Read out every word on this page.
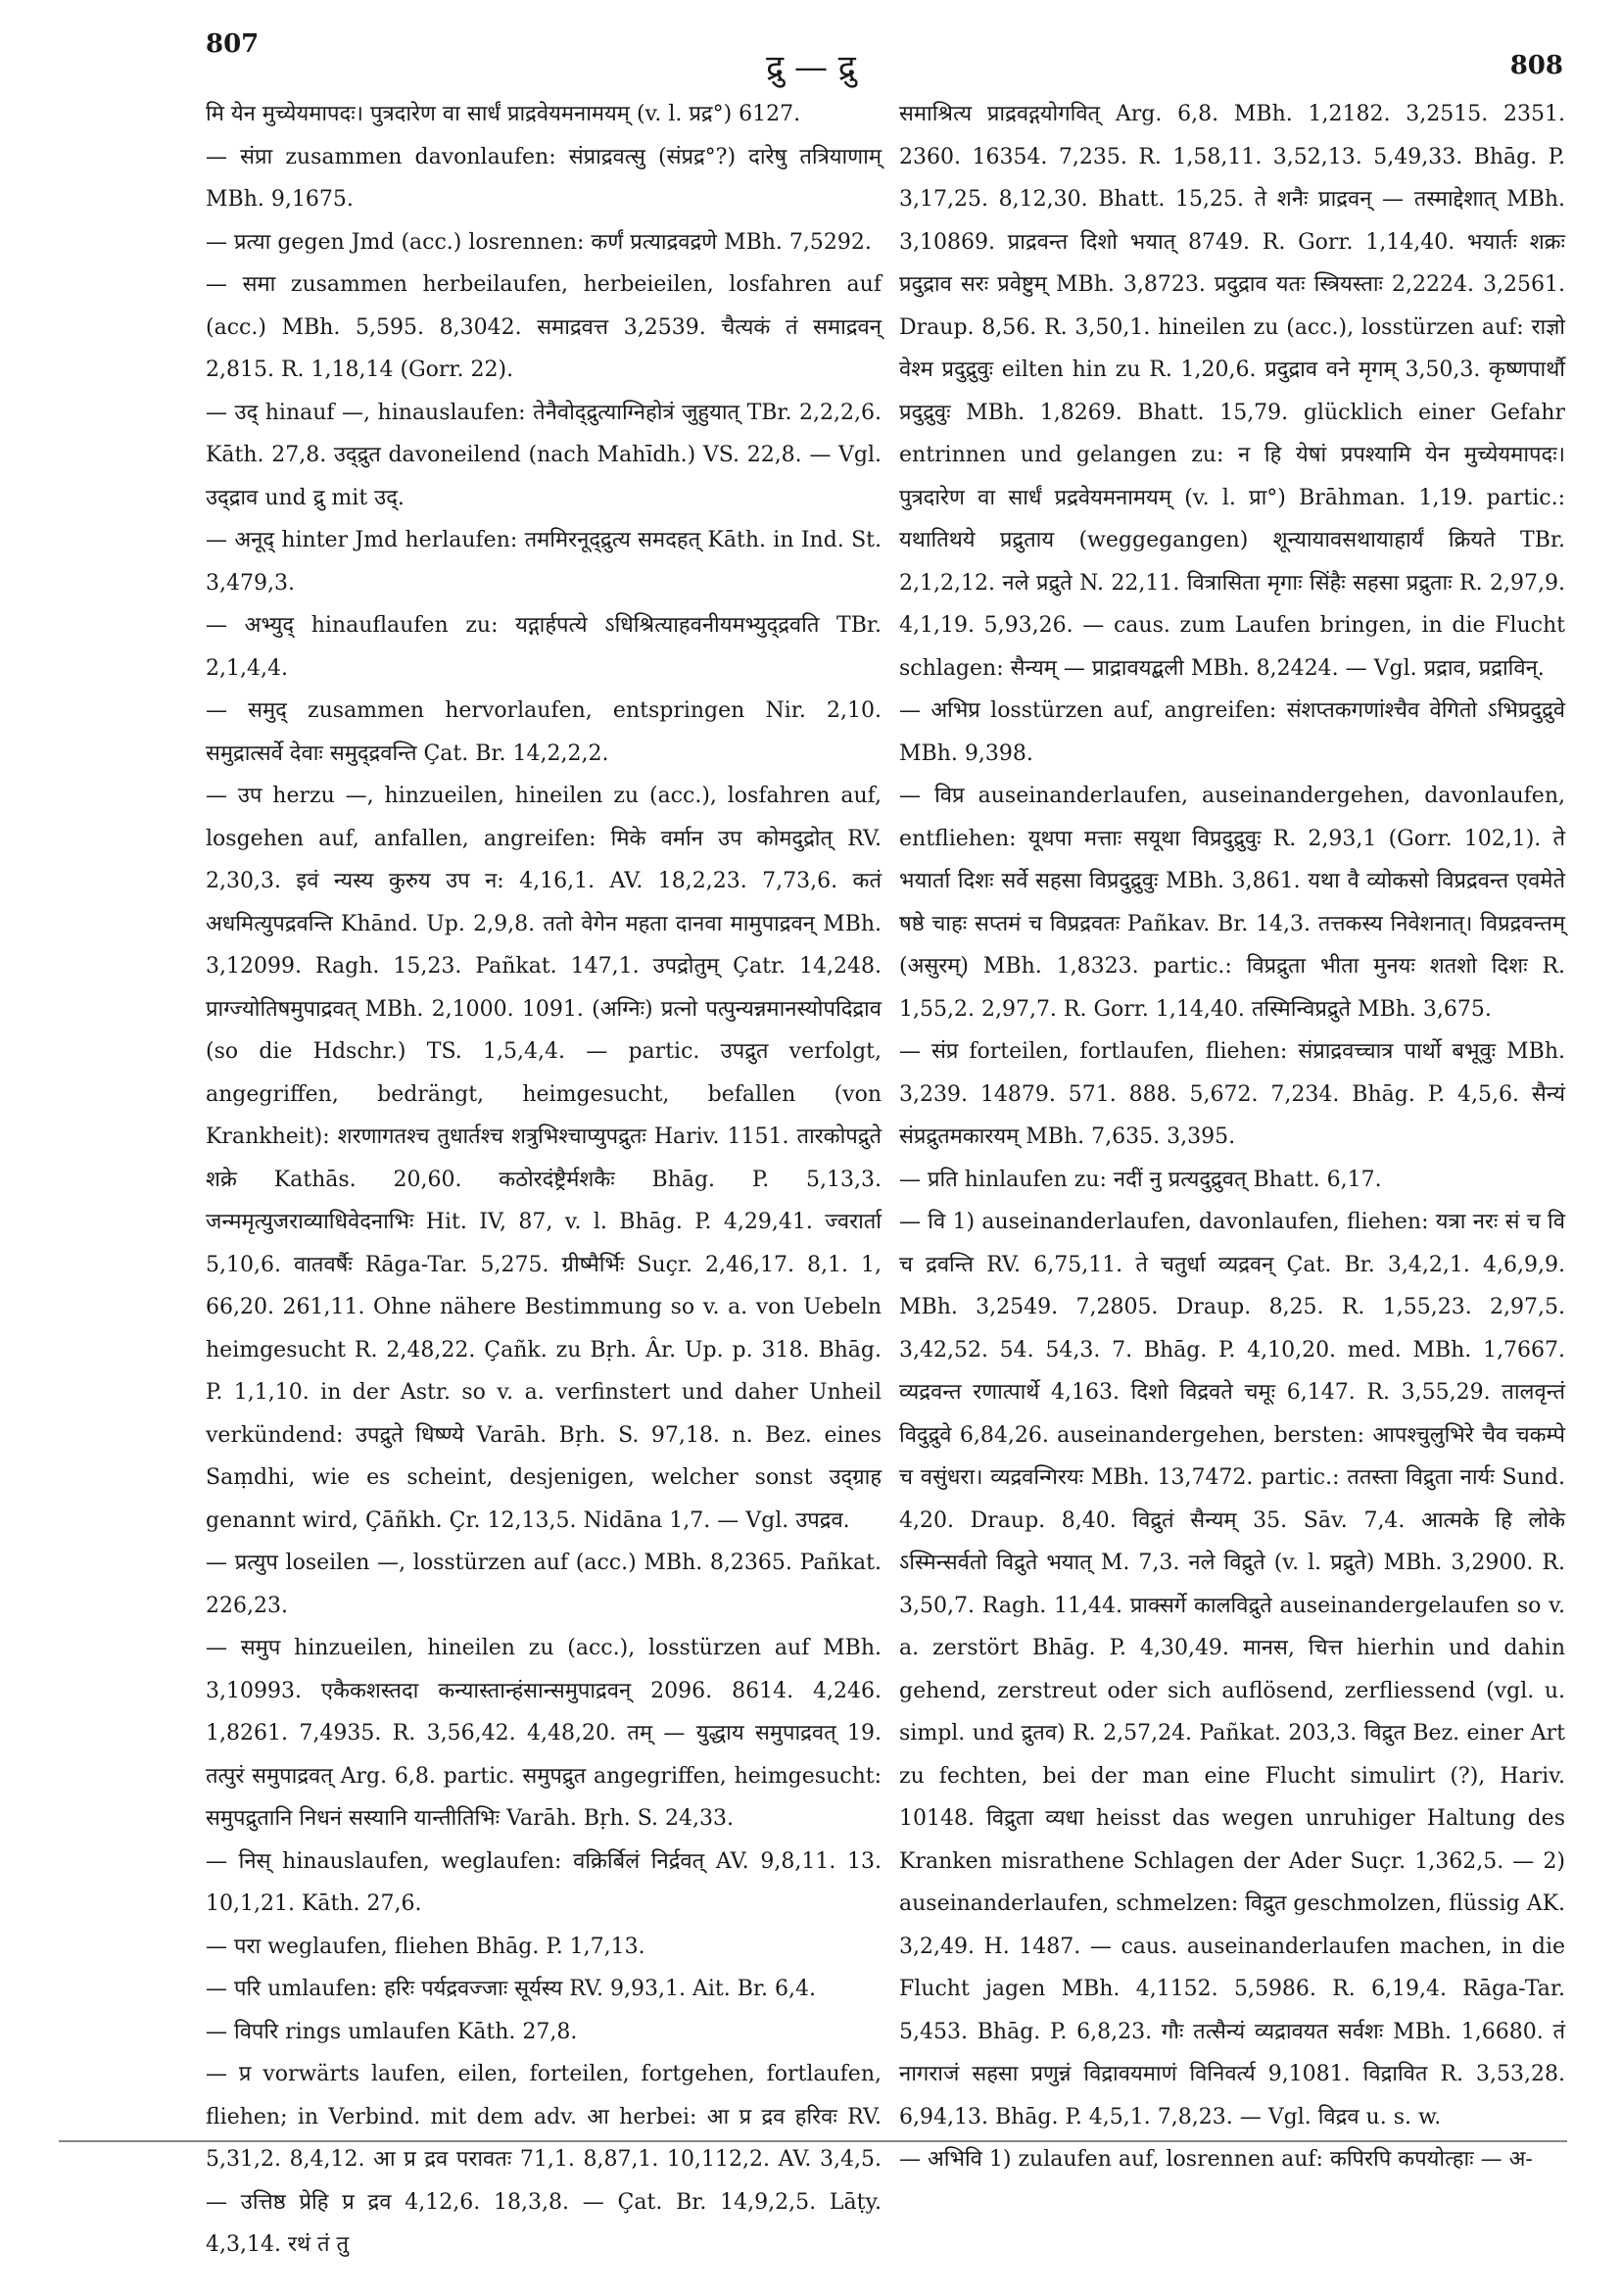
807
द्रु — द्रु	808

मि येन मुच्येयमापदः। पुत्रदारेण वा सार्धं प्राद्रवेयमनामयम् (v. l. प्रद्र°) 6127.

— संप्रा zusammen davonlaufen: संप्राद्रवत्सु (संप्रद्र°?) दारेषु तत्रियाणाम् MBh. 9,1675.

— प्रत्या gegen Jmd (acc.) losrennen: कर्णं प्रत्याद्रवद्रणे MBh. 7,5292.

— समा zusammen herbeilaufen, herbeieilen, losfahren auf (acc.) MBh. 5,595. 8,3042. समाद्रवत्त 3,2539. चैत्यकं तं समाद्रवन् 2,815. R. 1,18,14 (Gorr. 22).

— उद् hinauf —, hinauslaufen: तेनैवोद्द्रुत्याग्निहोत्रं जुहुयात् TBr. 2,2,2,6. Kāth. 27,8. उद्द्रुत davoneilend (nach Mahīdh.) VS. 22,8. — Vgl. उद्द्राव und द्रु mit उद्.

— अनूद् hinter Jmd herlaufen: तममिरनूद्द्रुत्य समदहत् Kāth. in Ind. St. 3,479,3.

— अभ्युद् hinauflaufen zu: यद्गार्हपत्ये ऽधिश्रित्याहवनीयमभ्युद्द्रवति TBr. 2,1,4,4.

— समुद् zusammen hervorlaufen, entspringen Nir. 2,10. समुद्रात्सर्वे देवाः समुद्द्रवन्ति Çat. Br. 14,2,2,2.

— उप herzu —, hinzueilen, hineilen zu (acc.), losfahren auf, losgehen auf, anfallen, angreifen: मिके वर्मान उप कोमदुद्रोत् RV. 2,30,3. इवं न्यस्य कुरुय उप न: 4,16,1. AV. 18,2,23. 7,73,6. कतं अधमित्युपद्रवन्ति Khānd. Up. 2,9,8. ततो वेगेन महता दानवा मामुपाद्रवन् MBh. 3,12099. Ragh. 15,23. Pañkat. 147,1. उपद्रोतुम् Çatr. 14,248. प्राग्ज्योतिषमुपाद्रवत् MBh. 2,1000. 1091. (अग्निः) प्रत्नो पत्पुन्यन्नमानस्योपदिद्राव (so die Hdschr.) TS. 1,5,4,4. — partic. उपद्रुत verfolgt, angegriffen, bedrängt, heimgesucht, befallen (von Krankheit): शरणागतश्च तुधार्तश्च शत्रुभिश्चाप्युपद्रुतः Hariv. 1151. तारकोपद्रुते शक्रे Kathās. 20,60. कठोरदंष्ट्रैर्मशकैः Bhāg. P. 5,13,3. जन्ममृत्युजराव्याधिवेदनाभिः Hit. IV, 87, v. l. Bhāg. P. 4,29,41. ज्वरार्ता 5,10,6. वातवर्षैः Rāga-Tar. 5,275. ग्रीष्मैर्भिः Suçr. 2,46,17. 8,1. 1, 66,20. 261,11. Ohne nähere Bestimmung so v. a. von Uebeln heimgesucht R. 2,48,22. Çañk. zu Bṛh. Âr. Up. p. 318. Bhāg. P. 1,1,10. in der Astr. so v. a. verfinstert und daher Unheil verkündend: उपद्रुते धिष्ण्ये Varāh. Bṛh. S. 97,18. n. Bez. eines Saṃdhi, wie es scheint, desjenigen, welcher sonst उद्ग्राह genannt wird, Çāñkh. Çr. 12,13,5. Nidāna 1,7. — Vgl. उपद्रव.

— प्रत्युप loseilen —, losstürzen auf (acc.) MBh. 8,2365. Pañkat. 226,23.

— समुप hinzueilen, hineilen zu (acc.), losstürzen auf MBh. 3,10993. एकैकशस्तदा कन्यास्तान्हंसान्समुपाद्रवन् 2096. 8614. 4,246. 1,8261. 7,4935. R. 3,56,42. 4,48,20. तम् — युद्धाय समुपाद्रवत् 19. तत्पुरं समुपाद्रवत् Arg. 6,8. partic. समुपद्रुत angegriffen, heimgesucht: समुपद्रुतानि निधनं सस्यानि यान्तीतिभिः Varāh. Bṛh. S. 24,33.

— निस् hinauslaufen, weglaufen: वक्रिर्बिलं निर्द्रवत् AV. 9,8,11. 13. 10,1,21. Kāth. 27,6.

— परा weglaufen, fliehen Bhāg. P. 1,7,13.

— परि umlaufen: हरिः पर्यद्रवज्जाः सूर्यस्य RV. 9,93,1. Ait. Br. 6,4.

— विपरि rings umlaufen Kāth. 27,8.

— प्र vorwärts laufen, eilen, forteilen, fortgehen, fortlaufen, fliehen; in Verbind. mit dem adv. आ herbei: आ प्र द्रव हरिवः RV. 5,31,2. 8,4,12. आ प्र द्रव परावतः 71,1. 8,87,1. 10,112,2. AV. 3,4,5. — उत्तिष्ठ प्रेहि प्र द्रव 4,12,6. 18,3,8. — Çat. Br. 14,9,2,5. Lāṭy. 4,3,14. रथं तं तु

समाश्रित्य प्राद्रवद्गयोगवित् Arg. 6,8. MBh. 1,2182. 3,2515. 2351. 2360. 16354. 7,235. R. 1,58,11. 3,52,13. 5,49,33. Bhāg. P. 3,17,25. 8,12,30. Bhatt. 15,25. ते शनैः प्राद्रवन् — तस्माद्देशात् MBh. 3,10869. प्राद्रवन्त दिशो भयात् 8749. R. Gorr. 1,14,40. भयार्तः शक्रः प्रदुद्राव सरः प्रवेष्टुम् MBh. 3,8723. प्रदुद्राव यतः स्त्रियस्ताः 2,2224. 3,2561. Draup. 8,56. R. 3,50,1. hineilen zu (acc.), losstürzen auf: राज्ञो वेश्म प्रदुद्रुवुः eilten hin zu R. 1,20,6. प्रदुद्राव वने मृगम् 3,50,3. कृष्णपार्थौ प्रदुद्रुवुः MBh. 1,8269. Bhatt. 15,79. glücklich einer Gefahr entrinnen und gelangen zu: न हि येषां प्रपश्यामि येन मुच्येयमापदः। पुत्रदारेण वा सार्धं प्रद्रवेयमनामयम् (v. l. प्रा°) Brāhman. 1,19. partic.: यथातिथये प्रद्रुताय (weggegangen) शून्यायावसथायाहार्यं क्रियते TBr. 2,1,2,12. नले प्रद्रुते N. 22,11. वित्रासिता मृगाः सिंहैः सहसा प्रद्रुताः R. 2,97,9. 4,1,19. 5,93,26. — caus. zum Laufen bringen, in die Flucht schlagen: सैन्यम् — प्राद्रावयद्बली MBh. 8,2424. — Vgl. प्रद्राव, प्रद्राविन्.

— अभिप्र losstürzen auf, angreifen: संशप्तकगणांश्चैव वेगितो ऽभिप्रदुद्रुवे MBh. 9,398.

— विप्र auseinanderlaufen, auseinandergehen, davonlaufen, entfliehen: यूथपा मत्ताः सयूथा विप्रदुद्रुवुः R. 2,93,1 (Gorr. 102,1). ते भयार्ता दिशः सर्वे सहसा विप्रदुद्रुवुः MBh. 3,861. यथा वै व्योकसो विप्रद्रवन्त एवमेते षष्ठे चाहः सप्तमं च विप्रद्रवतः Pañkav. Br. 14,3. तत्तकस्य निवेशनात्। विप्रद्रवन्तम् (असुरम्) MBh. 1,8323. partic.: विप्रद्रुता भीता मुनयः शतशो दिशः R. 1,55,2. 2,97,7. R. Gorr. 1,14,40. तस्मिन्विप्रद्रुते MBh. 3,675.

— संप्र forteilen, fortlaufen, fliehen: संप्राद्रवच्चात्र पार्थो बभूवुः MBh. 3,239. 14879. 571. 888. 5,672. 7,234. Bhāg. P. 4,5,6. सैन्यं संप्रद्रुतमकारयम् MBh. 7,635. 3,395.

— प्रति hinlaufen zu: नदीं नु प्रत्यदुद्रुवत् Bhatt. 6,17.

— वि 1) auseinanderlaufen, davonlaufen, fliehen: यत्रा नरः सं च वि च द्रवन्ति RV. 6,75,11. ते चतुर्धा व्यद्रवन् Çat. Br. 3,4,2,1. 4,6,9,9. MBh. 3,2549. 7,2805. Draup. 8,25. R. 1,55,23. 2,97,5. 3,42,52. 54. 54,3. 7. Bhāg. P. 4,10,20. med. MBh. 1,7667. व्यद्रवन्त रणात्पार्थे 4,163. दिशो विद्रवते चमूः 6,147. R. 3,55,29. तालवृन्तं विदुद्रुवे 6,84,26. auseinandergehen, bersten: आपश्चुलुभिरे चैव चकम्पे च वसुंधरा। व्यद्रवन्गिरयः MBh. 13,7472. partic.: ततस्ता विद्रुता नार्यः Sund. 4,20. Draup. 8,40. विद्रुतं सैन्यम् 35. Sāv. 7,4. आत्मके हि लोके ऽस्मिन्सर्वतो विद्रुते भयात् M. 7,3. नले विद्रुते (v. l. प्रद्रुते) MBh. 3,2900. R. 3,50,7. Ragh. 11,44. प्राक्सर्गे कालविद्रुते auseinandergelaufen so v. a. zerstört Bhāg. P. 4,30,49. मानस, चित्त hierhin und dahin gehend, zerstreut oder sich auflösend, zerfliessend (vgl. u. simpl. und द्रुतव) R. 2,57,24. Pañkat. 203,3. विद्रुत Bez. einer Art zu fechten, bei der man eine Flucht simulirt (?), Hariv. 10148. विद्रुता व्यधा heisst das wegen unruhiger Haltung des Kranken misrathene Schlagen der Ader Suçr. 1,362,5. — 2) auseinanderlaufen, schmelzen: विद्रुत geschmolzen, flüssig AK. 3,2,49. H. 1487. — caus. auseinanderlaufen machen, in die Flucht jagen MBh. 4,1152. 5,5986. R. 6,19,4. Rāga-Tar. 5,453. Bhāg. P. 6,8,23. गौः तत्सैन्यं व्यद्रावयत सर्वशः MBh. 1,6680. तं नागराजं सहसा प्रणुन्नं विद्रावयमाणं विनिवर्त्य 9,1081. विद्रावित R. 3,53,28. 6,94,13. Bhāg. P. 4,5,1. 7,8,23. — Vgl. विद्रव u. s. w.

— अभिवि 1) zulaufen auf, losrennen auf: कपिरपि कपयोत्हाः — अ-
